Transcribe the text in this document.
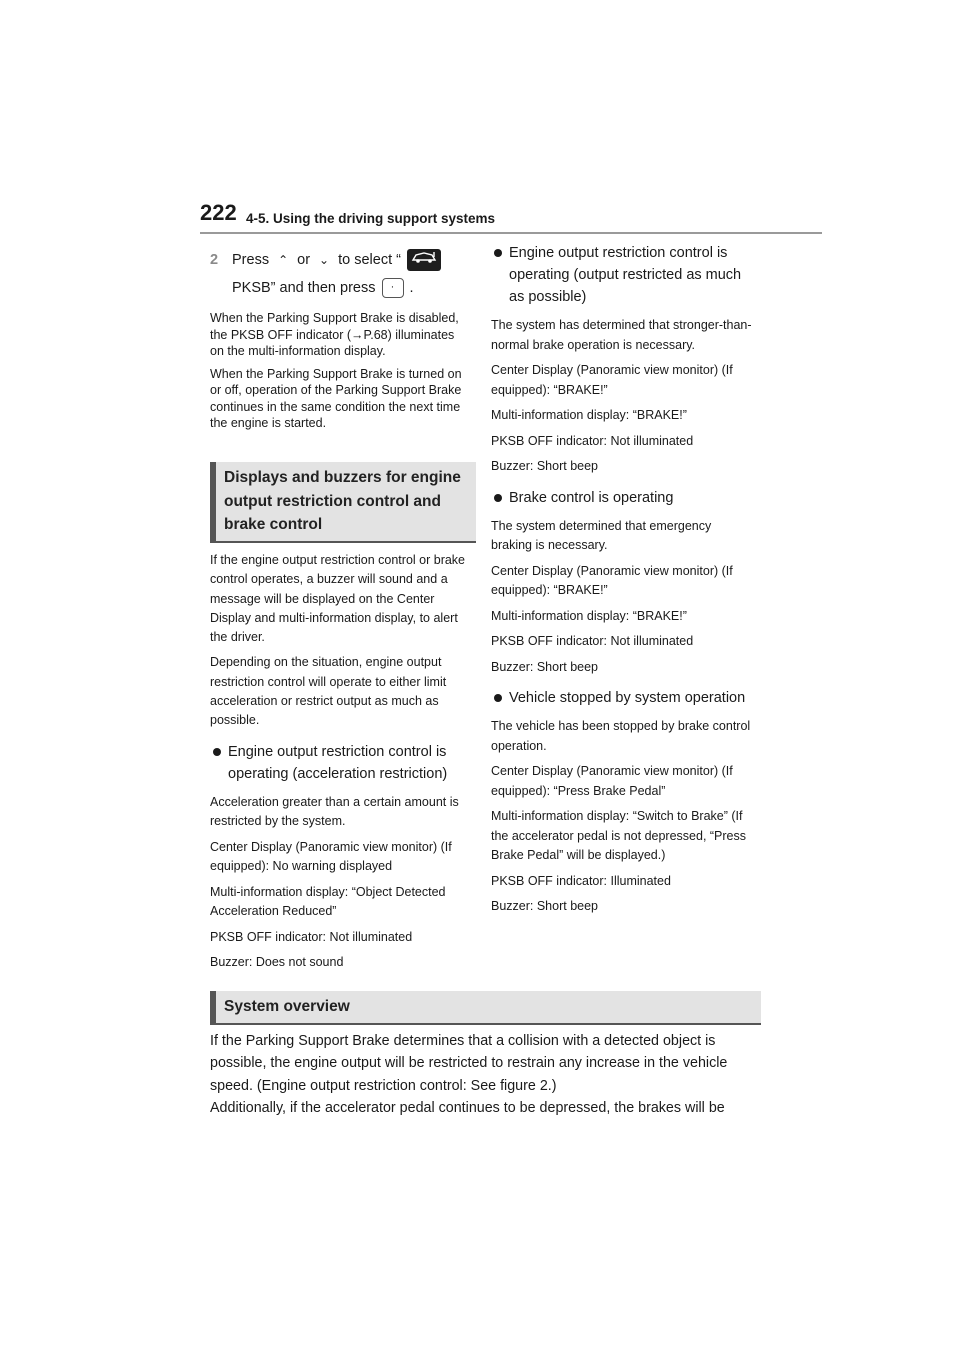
222 4-5. Using the driving support systems
2 Press ⌃ or ⌄ to select “
PKSB” and then press · .
When the Parking Support Brake is disabled, the PKSB OFF indicator (→P.68) illuminates on the multi-information display.
When the Parking Support Brake is turned on or off, operation of the Parking Support Brake continues in the same condition the next time the engine is started.
Displays and buzzers for engine output restriction control and brake control

If the engine output restriction control or brake control operates, a buzzer will sound and a message will be displayed on the Center Display and multi-information display, to alert the driver.

Depending on the situation, engine output restriction control will operate to either limit acceleration or restrict output as much as possible.

Engine output restriction control is operating (acceleration restriction)

Acceleration greater than a certain amount is restricted by the system.

Center Display (Panoramic view monitor) (If equipped): No warning displayed

Multi-information display: “Object Detected Acceleration Reduced”

PKSB OFF indicator: Not illuminated

Buzzer: Does not sound

Engine output restriction control is operating (output restricted as much as possible)

The system has determined that stronger-than-normal brake operation is necessary.

Center Display (Panoramic view monitor) (If equipped): “BRAKE!”

Multi-information display: “BRAKE!”

PKSB OFF indicator: Not illuminated

Buzzer: Short beep

Brake control is operating

The system determined that emergency braking is necessary.

Center Display (Panoramic view monitor) (If equipped): “BRAKE!”

Multi-information display: “BRAKE!”

PKSB OFF indicator: Not illuminated

Buzzer: Short beep

Vehicle stopped by system operation

The vehicle has been stopped by brake control operation.

Center Display (Panoramic view monitor) (If equipped): “Press Brake Pedal”

Multi-information display: “Switch to Brake” (If the accelerator pedal is not depressed, “Press Brake Pedal” will be displayed.)

PKSB OFF indicator: Illuminated

Buzzer: Short beep

System overview

If the Parking Support Brake determines that a collision with a detected object is possible, the engine output will be restricted to restrain any increase in the vehicle speed. (Engine output restriction control: See figure 2.)

Additionally, if the accelerator pedal continues to be depressed, the brakes will be
